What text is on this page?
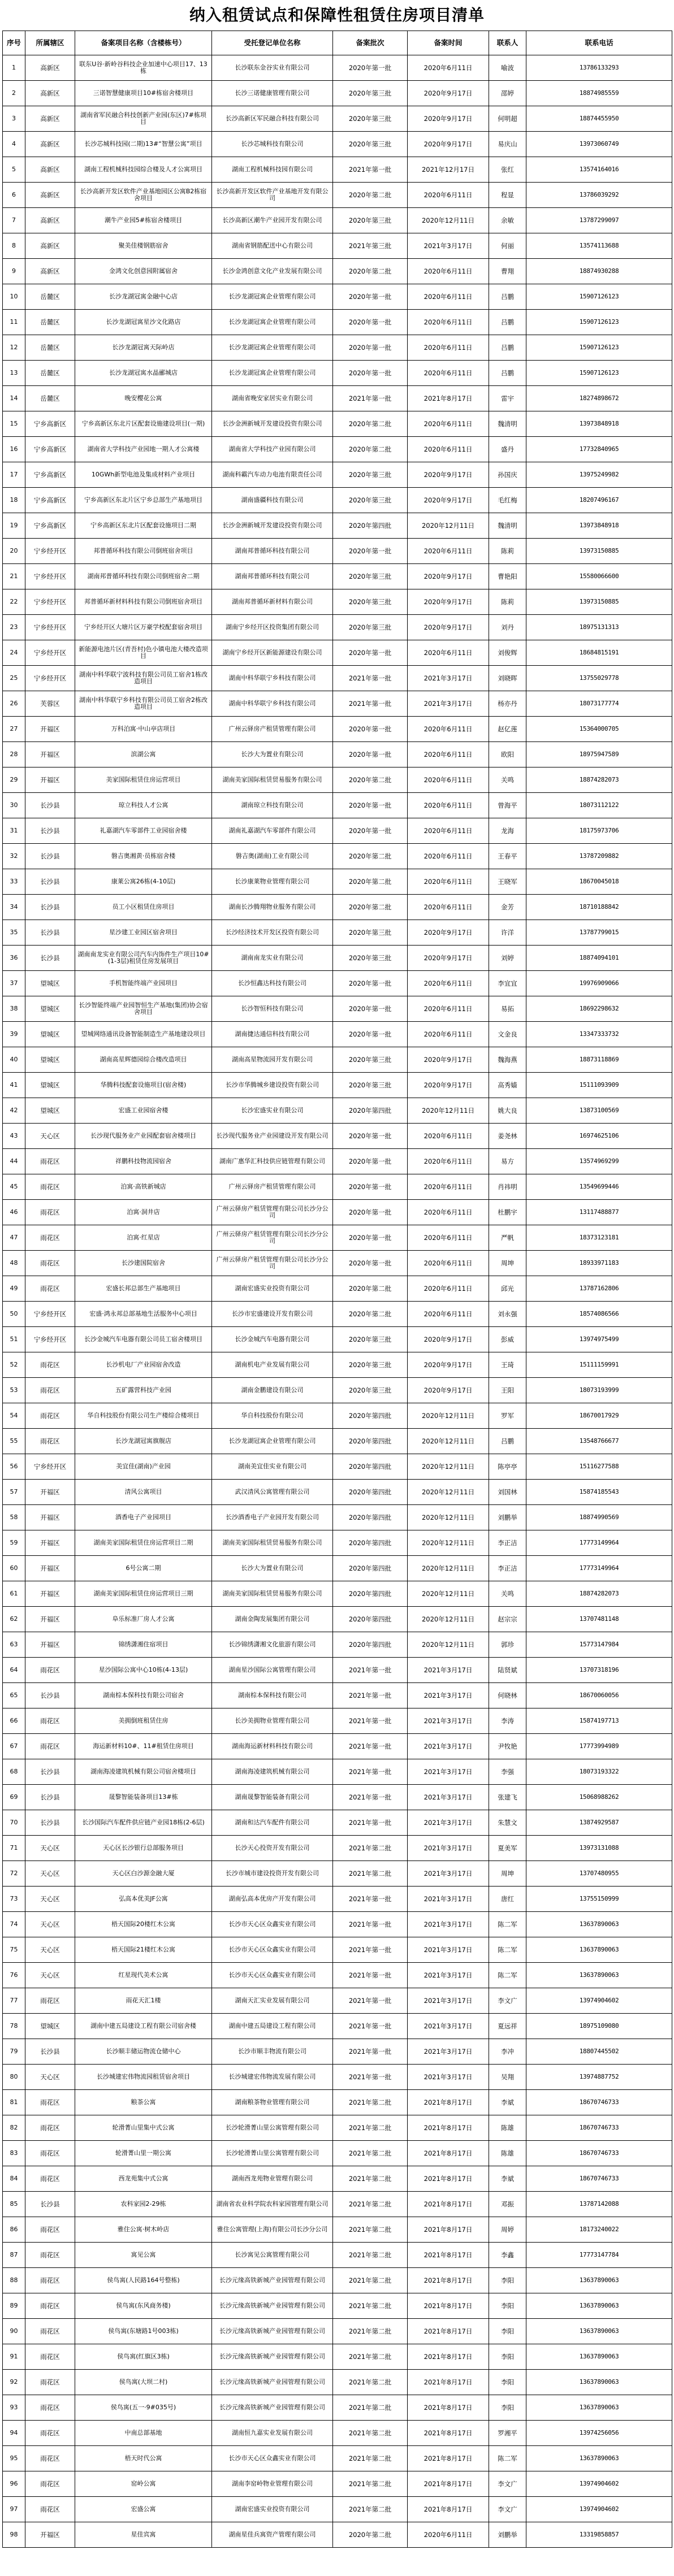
纳入租赁试点和保障性租赁住房项目清单
序号	所属辖区	备案项目名称（含楼栋号）	受托登记单位名称	备案批次	备案时间	联系人	联系电话
1	高新区	联东U谷·新岭谷科技企业加速中心项目17、13栋	长沙联东金谷实业有限公司	2020年第一批	2020年6月11日	喻波	13786133293
2	高新区	三诺智慧健康项目10#栋宿舍楼项目	长沙三诺健康管理有限公司	2020年第三批	2020年9月17日	邵婷	18874985559
3	高新区	湖南省军民融合科技创新产业园(东区)7#栋项目	长沙高新区军民融合科技有限公司	2020年第三批	2020年9月17日	何明超	18874455950
4	高新区	长沙芯城科技园(二期)13#“智慧公寓”项目	长沙芯城科技有限公司	2020年第三批	2020年9月17日	易庆山	13973060749
5	高新区	湖南工程机械科技园综合楼及人才公寓项目	湖南工程机械科技园有限公司	2021年第一批	2021年12月17日	张红	13574164016
6	高新区	长沙高新开发区软件产业基地园区公寓B2栋宿舍项目	长沙高新开发区软件产业基地开发有限公司	2020年第二批	2020年6月11日	程显	13786039292
7	高新区	潮牛产业园5#栋宿舍楼项目	长沙高新区潮牛产业园开发有限公司	2020年第三批	2020年12月11日	余敏	13787299097
8	高新区	聚美佳楼钢筋宿舍	湖南省钢筋配送中心有限公司	2021年第三批	2021年3月17日	何丽	13574113688
9	高新区	金鸿文化创意园附属宿舍	长沙金鸿创意文化产业发展有限公司	2020年第二批	2020年6月11日	曹翔	18874930288
10	岳麓区	长沙龙湖冠寓金融中心店	长沙龙湖冠寓企业管理有限公司	2020年第一批	2020年6月11日	吕鹏	15907126123
11	岳麓区	长沙龙湖冠寓星沙文化路店	长沙龙湖冠寓企业管理有限公司	2020年第一批	2020年6月11日	吕鹏	15907126123
12	岳麓区	长沙龙湖冠寓天际岭店	长沙龙湖冠寓企业管理有限公司	2020年第一批	2020年6月11日	吕鹏	15907126123
13	岳麓区	长沙龙湖冠寓水晶郦城店	长沙龙湖冠寓企业管理有限公司	2020年第一批	2020年6月11日	吕鹏	15907126123
14	岳麓区	晚安樱花公寓	湖南省晚安家居实业有限公司	2021年第一批	2021年8月17日	雷宇	18274898672
15	宁乡高新区	宁乡高新区东北片区配套设施建设项目(一期)	长沙金洲新城开发建设投资有限公司	2020年第二批	2020年6月11日	魏清明	13973848918
16	宁乡高新区	湖南省大学科技产业园地一期人才公寓楼	湖南省大学科技产业园有限公司	2020年第二批	2020年6月11日	盛丹	17732840965
17	宁乡高新区	10GWh新型电池及集成材料产业项目	湖南科霸汽车动力电池有限责任公司	2020年第三批	2020年9月17日	孙国庆	13975249982
18	宁乡高新区	宁乡高新区东北片区宁乡总部生产基地项目	湖南盛疆科技有限公司	2020年第三批	2020年9月17日	毛红梅	18207496167
19	宁乡高新区	宁乡高新区东北片区配套设施项目二期	长沙金洲新城开发建设投资有限公司	2020年第四批	2020年12月11日	魏清明	13973848918
20	宁乡经开区	邦普循环科技有限公司倒班宿舍项目	湖南邦普循环科技有限公司	2020年第一批	2020年6月11日	陈莉	13973150885
21	宁乡经开区	湖南邦普循环科技有限公司倒班宿舍二期	湖南邦普循环科技有限公司	2020年第三批	2020年9月17日	曹艳阳	15580066600
22	宁乡经开区	邦普循环新材料科技有限公司倒班宿舍项目	湖南邦普循环新材料有限公司	2020年第三批	2020年9月17日	陈莉	13973150885
23	宁乡经开区	宁乡经开区大塘片区万豪学校配套宿舍项目	湖南宁乡经开区投资集团有限公司	2020年第三批	2020年9月17日	刘丹	18975131313
24	宁乡经开区	新能源电池片区(青吾村)色小镇电池大楼改造项目	湖南宁乡经开区新能源建设有限公司	2020年第一批	2020年6月11日	刘俊辉	18684815191
25	宁乡经开区	湖南中科华联宁波科技有限公司员工宿舍1栋改造项目	湖南中科华联宁乡科技有限公司	2021年第一批	2021年3月17日	刘晓晖	13755029778
26	芙蓉区	湖南中科华联宁乡科技有限公司员工宿舍2栋改造项目	湖南中科华联宁乡科技有限公司	2021年第一批	2021年3月17日	杨亦丹	18073177774
27	开福区	万科泊寓·中山亭店项目	广州云驿房产租赁管理有限公司	2020年第一批	2020年6月11日	赵亿莲	15364000705
28	开福区	滨湖公寓	长沙大为置业有限公司	2020年第一批	2020年6月11日	欧阳	18975947589
29	开福区	美家国际租赁住房运营项目	湖南美家国际租赁贸易服务有限公司	2020年第二批	2020年6月11日	关鸣	18874282073
30	长沙县	琼立科技人才公寓	湖南琼立科技有限公司	2020年第一批	2020年6月11日	曾海平	18073112122
31	长沙县	礼嘉湖汽车零部件工业园宿舍楼	湖南礼嘉湖汽车零部件有限公司	2020年第一批	2020年6月11日	龙海	18175973706
32	长沙县	磐吉奥湘黄·员栋宿舍楼	磐吉奥(湖南)工业有限公司	2020年第二批	2020年6月11日	王春平	13787209882
33	长沙县	康莱公寓26栋(4-10层)	长沙康莱物业管理有限公司	2020年第二批	2020年6月11日	王晓军	18670045018
34	长沙县	员工小区租赁住房项目	湖南长沙腾翔物业服务有限公司	2020年第二批	2020年6月11日	金芳	18710188842
35	长沙县	星沙建工业园区宿舍项目	长沙经济技术开发区投资有限公司	2020年第三批	2020年9月17日	许洋	13787799015
36	长沙县	湖南南龙实业有限公司汽车内饰件生产项目10#(1-3层)租赁住房发展项目	湖南南龙实业有限公司	2020年第三批	2020年9月17日	刘婷	18874094101
37	望城区	手机智能终端产业园项目	长沙恒鑫达科技有限公司	2020年第一批	2020年6月11日	李宜宜	19976909066
38	望城区	长沙智能终端产业园智恒生产基地(集团)协会宿舍项目	长沙智恒科技有限公司	2020年第一批	2020年6月11日	易拓	18692298632
39	望城区	望城网络通讯设备智能制造生产基地建设项目	湖南捷达通信科技有限公司	2020年第一批	2020年6月11日	文金良	13347333732
40	望城区	湖南高星辉德园综合楼改造项目	湖南高星物流园开发有限公司	2020年第三批	2020年9月17日	魏海燕	18873118869
41	望城区	华腾科技配套设施项目(宿舍楼)	长沙市华腾城乡建设投资有限公司	2020年第三批	2020年9月17日	高秀嫱	15111093909
42	望城区	宏盛工业园宿舍楼	长沙宏盛实业有限公司	2020年第四批	2020年12月11日	姚大良	13873100569
43	天心区	长沙现代服务业产业园配套宿舍楼项目	长沙现代服务业产业园建设开发有限公司	2020年第一批	2020年6月11日	姜尧林	16974625106
44	雨花区	祥鹏科技物流园宿舍	湖南广惠华汇科技供应链管理有限公司	2020年第一批	2020年6月11日	易方	13574969299
45	雨花区	泊寓·高铁新城店	广州云驿房产租赁管理有限公司	2020年第一批	2020年6月11日	肖祎明	13549699446
46	雨花区	泊寓·洞井店	广州云驿房产租赁管理有限公司长沙分公司	2020年第一批	2020年6月11日	杜鹏宇	13117488877
47	雨花区	泊寓·红星店	广州云驿房产租赁管理有限公司长沙分公司	2020年第一批	2020年6月11日	严帆	18373123181
48	雨花区	长沙建国院宿舍	广州云驿房产租赁管理有限公司长沙分公司	2020年第一批	2020年6月11日	周坤	18933971183
49	雨花区	宏盛长邦总部生产基地项目	湖南宏盛实业投资有限公司	2020年第二批	2020年6月11日	邱光	13787162806
50	宁乡经开区	宏盛·鸿永邦总部基地生活服务中心项目	长沙市宏盛建设开发有限公司	2020年第二批	2020年6月11日	刘永强	18574086566
51	宁乡经开区	长沙金城汽车电器有限公司员工宿舍楼项目	长沙金城汽车电器有限公司	2020年第三批	2020年9月17日	彭威	13974975499
52	雨花区	长沙机电厂产业园宿舍改造	湖南机电产业发展有限公司	2020年第三批	2020年9月17日	王琦	15111159991
53	雨花区	五矿露营科技产业园	湖南金鹏建设有限公司	2020年第三批	2020年9月17日	王阳	18073193999
54	雨花区	华自科技股份有限公司生产楼综合楼项目	华自科技股份有限公司	2020年第四批	2020年12月11日	罗军	18670017929
55	雨花区	长沙龙湖冠寓旗舰店	长沙龙湖冠寓企业管理有限公司	2020年第四批	2020年12月11日	吕鹏	13548766677
56	宁乡经开区	美宜佳(湖南)产业园	湖南美宜佳实业有限公司	2020年第四批	2020年12月11日	陈亭亭	15116277588
57	开福区	清风公寓项目	武汉清风公寓管理有限公司	2020年第四批	2020年12月11日	刘国林	15874185543
58	开福区	酒香电子产业园项目	长沙酒香电子产业园开发有限公司	2020年第四批	2020年12月11日	刘鹏举	18874990569
59	开福区	湖南美家国际租赁住房运营项目二期	湖南美家国际租赁贸易服务有限公司	2020年第四批	2020年12月11日	李正洁	17773149964
60	开福区	6号公寓二期	长沙大为置业有限公司	2020年第四批	2020年12月11日	李正洁	17773149964
61	开福区	湖南美家国际租赁住房运营项目三期	湖南美家国际租赁贸易服务有限公司	2020年第四批	2020年12月11日	关鸣	18874282073
62	开福区	阜乐标准厂房人才公寓	湖南金陶发展集团有限公司	2020年第四批	2020年12月11日	赵宗宗	13707481148
63	开福区	锦绣潇湘住宿项目	长沙锦绣潇湘文化旅游有限公司	2020年第四批	2020年12月11日	郭珍	15773147984
64	雨花区	星沙国际公寓中心10栋(4-13层)	湖南星沙国际公寓管理有限公司	2021年第一批	2021年3月17日	陆贤斌	13707318196
65	长沙县	湖南棕本保科技有限公司宿舍	湖南棕本保科技有限公司	2021年第一批	2021年3月17日	何晓林	18670060056
66	雨花区	美拥倒班租赁住房	长沙美拥物业管理有限公司	2021年第一批	2021年3月17日	李涛	15874197713
67	雨花区	海运新材料10#、11#租赁住房项目	湖南海运新材料科技有限公司	2021年第一批	2021年3月17日	尹牧艳	17773994989
68	长沙县	湖南海凌建筑机械有限公司宿舍楼项目	湖南海凌建筑机械有限公司	2021年第一批	2021年3月17日	李强	18073193322
69	长沙县	晟黎智能装备项目13#栋	湖南晟黎智能装备有限公司	2021年第一批	2021年3月17日	张建飞	15068988262
70	长沙县	长沙国际汽车配件供应链产业园18栋(2-6层)	湖南和达汽车配件有限公司	2021年第一批	2021年3月17日	朱慧文	13874929587
71	天心区	天心区长沙银行总部服务项目	长沙天心投资开发有限公司	2021年第二批	2021年3月17日	夏美军	13973131088
72	天心区	天心区白沙源金融大厦	长沙市城市建设投资开发有限公司	2021年第二批	2021年3月17日	周坤	13707480955
73	天心区	弘高本优美JF公寓	湖南弘高本优房产开发有限公司	2021年第一批	2021年3月17日	唐红	13755150999
74	天心区	梧天国际20楼红木公寓	长沙市天心区众鑫实业有限公司	2021年第一批	2021年3月17日	陈二军	13637890063
75	天心区	梧天国际21楼红木公寓	长沙市天心区众鑫实业有限公司	2021年第一批	2021年3月17日	陈二军	13637890063
76	天心区	红星现代美术公寓	长沙市天心区众鑫实业有限公司	2021年第一批	2021年3月17日	陈二军	13637890063
77	雨花区	雨花天汇1楼	湖南天汇实业发展有限公司	2021年第一批	2021年3月17日	李文广	13974904602
78	望城区	湖南中建五局建设工程有限公司宿舍楼	湖南中建五局建设工程有限公司	2021年第一批	2021年3月17日	夏远祥	18975109080
79	长沙县	长沙顺丰储运物流仓储中心	长沙市顺丰物流有限公司	2021年第一批	2021年3月17日	李冲	18807445502
80	天心区	长沙城建宏伟物流园租赁宿舍项目	长沙城建宏伟物流发展有限公司	2021年第一批	2021年3月17日	吴翔	13974887752
81	雨花区	粮茶公寓	湖南粮茶物业管理有限公司	2021年第二批	2021年8月17日	李斌	18670746733
82	雨花区	轮滑菁山里集中式公寓	长沙轮滑菁山里公寓管理有限公司	2021年第二批	2021年8月17日	陈雄	18670746733
83	雨花区	轮滑菁山里一期公寓	长沙轮滑菁山里公寓管理有限公司	2021年第二批	2021年8月17日	陈雄	18670746733
84	雨花区	西龙苑集中式公寓	湖南西龙苑物业管理有限公司	2021年第二批	2021年8月17日	李斌	18670746733
85	长沙县	农科家园2-29栋	湖南省农业科学院农科家园管理有限公司	2021年第二批	2021年8月17日	邓振	13787142088
86	雨花区	雅住公寓·树木岭店	雅住公寓管理(上海)有限公司长沙分公司	2021年第二批	2021年8月17日	周婷	18173240022
87	雨花区	寓见公寓	长沙寓见公寓管理有限公司	2021年第二批	2021年8月17日	李鑫	17773147784
88	雨花区	侯鸟寓(人民路164号整栋)	长沙元缘高铁新城产业园管理有限公司	2021年第二批	2021年8月17日	李阳	13637890063
89	雨花区	侯鸟寓(东风商务楼)	长沙元缘高铁新城产业园管理有限公司	2021年第二批	2021年8月17日	李阳	13637890063
90	雨花区	侯鸟寓(东塘路1号003栋)	长沙元缘高铁新城产业园管理有限公司	2021年第二批	2021年8月17日	李阳	13637890063
91	雨花区	侯鸟寓(红旗区3栋)	长沙元缘高铁新城产业园管理有限公司	2021年第二批	2021年8月17日	李阳	13637890063
92	雨花区	侯鸟寓(大坝二村)	长沙元缘高铁新城产业园管理有限公司	2021年第二批	2021年8月17日	李阳	13637890063
93	雨花区	侯鸟寓(五一·9#035号)	长沙元缘高铁新城产业园管理有限公司	2021年第二批	2021年8月17日	李阳	13637890063
94	雨花区	中南总部基地	湖南恒九嘉实业发展有限公司	2021年第二批	2021年8月17日	罗湘平	13974256056
95	雨花区	梧天时代公寓	长沙市天心区众鑫实业有限公司	2021年第二批	2021年8月17日	陈二军	13637890063
96	雨花区	窑岭公寓	湖南李窑岭物业管理有限公司	2021年第二批	2021年8月17日	李文广	13974904602
97	雨花区	宏盛公寓	湖南宏盛实业投资有限公司	2021年第二批	2021年8月17日	李文广	13974904602
98	开福区	星佳宾寓	湖南星佳兵寓资产管理有限公司	2020年第二批	2020年6月11日	刘鹏举	13319858857
